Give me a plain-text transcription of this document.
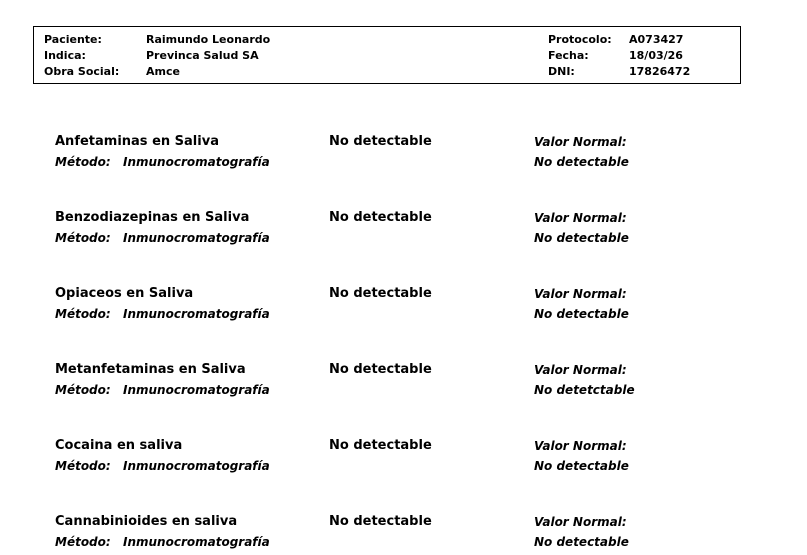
Paciente:	Raimundo Leonardo
Indica:	Previnca Salud SA
Obra Social: Amce
Protocolo: A073427
Fecha:	18/03/26
DNI:	17826472
Anfetaminas en Saliva	No detectable	Valor Normal:
Método: Inmunocromatografía	No detectable
Benzodiazepinas en Saliva	No detectable	Valor Normal:
Método: Inmunocromatografía	No detectable
Opiaceos en Saliva	No detectable	Valor Normal:
Método: Inmunocromatografía	No detectable
Metanfetaminas en Saliva	No detectable	Valor Normal:
Método: Inmunocromatografía	No detetctable
Cocaina en saliva	No detectable	Valor Normal:
Método: Inmunocromatografía	No detectable
Cannabinioides en saliva	No detectable	Valor Normal:
Método: Inmunocromatografía	No detectable
